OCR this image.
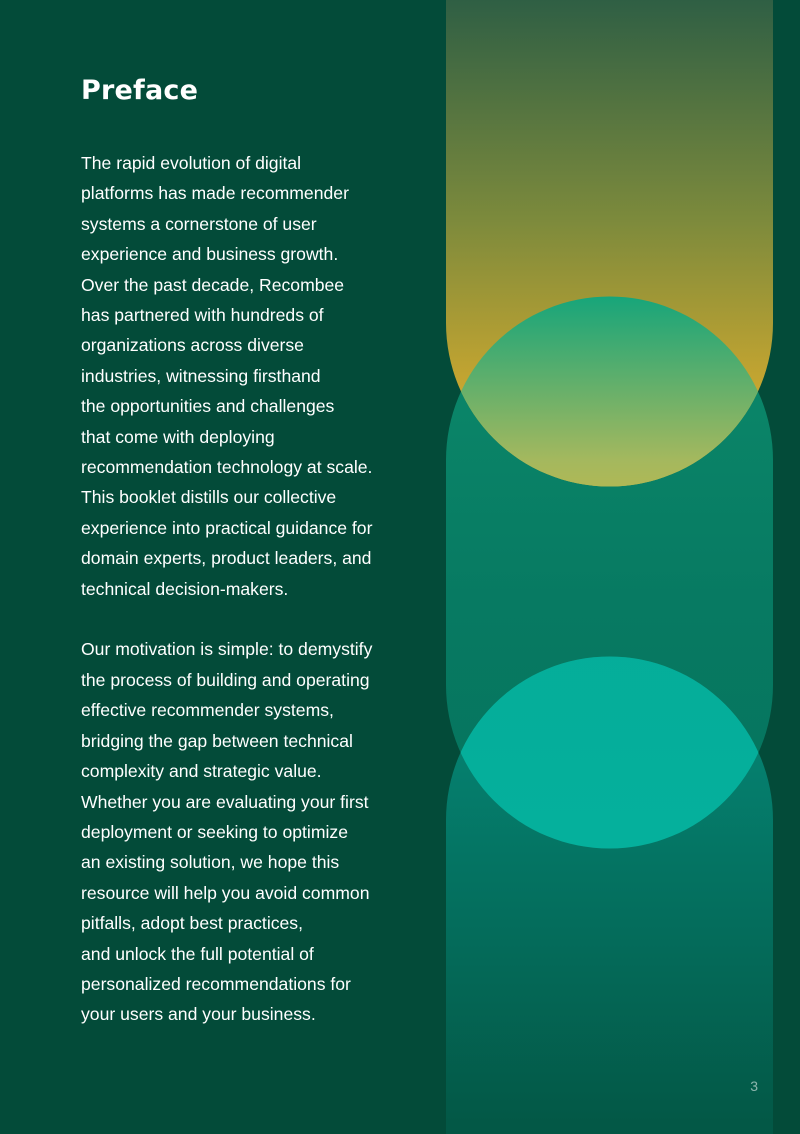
Preface

The rapid evolution of digital
platforms has made recommender
systems a cornerstone of user
experience and business growth.
Over the past decade, Recombee
has partnered with hundreds of
organizations across diverse
industries, witnessing firsthand
the opportunities and challenges
that come with deploying
recommendation technology at scale.
This booklet distills our collective
experience into practical guidance for
domain experts, product leaders, and
technical decision-makers.

Our motivation is simple: to demystify
the process of building and operating
effective recommender systems,
bridging the gap between technical
complexity and strategic value.
Whether you are evaluating your first
deployment or seeking to optimize
an existing solution, we hope this
resource will help you avoid common
pitfalls, adopt best practices,
and unlock the full potential of
personalized recommendations for
your users and your business.

3
